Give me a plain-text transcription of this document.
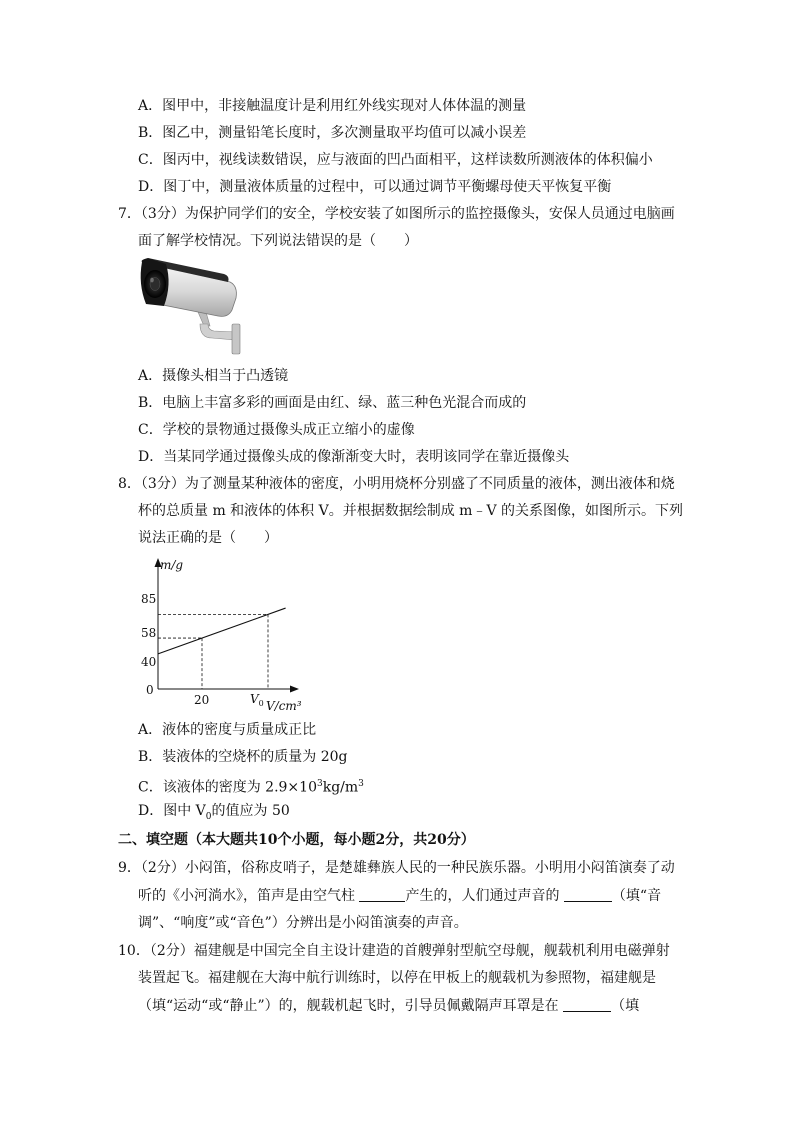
A．图甲中，非接触温度计是利用红外线实现对人体体温的测量
B．图乙中，测量铅笔长度时，多次测量取平均值可以减小误差
C．图丙中，视线读数错误，应与液面的凹凸面相平，这样读数所测液体的体积偏小
D．图丁中，测量液体质量的过程中，可以通过调节平衡螺母使天平恢复平衡
7．（3分）为保护同学们的安全，学校安装了如图所示的监控摄像头，安保人员通过电脑画
面了解学校情况。下列说法错误的是（　　）
A．摄像头相当于凸透镜
B．电脑上丰富多彩的画面是由红、绿、蓝三种色光混合而成的
C．学校的景物通过摄像头成正立缩小的虚像
D．当某同学通过摄像头成的像渐渐变大时，表明该同学在靠近摄像头
8．（3分）为了测量某种液体的密度，小明用烧杯分别盛了不同质量的液体，测出液体和烧
杯的总质量 m 和液体的体积 V。并根据数据绘制成 m﹣V 的关系图像，如图所示。下列
说法正确的是（　　）
m/g
V/cm³
0
40
58
85
20	$V_0$
A．液体的密度与质量成正比
B．装液体的空烧杯的质量为 20g
C．该液体的密度为 $2.9\times 10^3kg/m^3$
D．图中 $V_0$的值应为 50
二、填空题（本大题共10个小题，每小题2分，共20分）
9．（2分）小闷笛，俗称皮哨子，是楚雄彝族人民的一种民族乐器。小明用小闷笛演奏了动
听的《小河淌水》，笛声是由空气柱	产生的，人们通过声音的	（填“音
调”、“响度”或“音色”）分辨出是小闷笛演奏的声音。
10．（2分）福建舰是中国完全自主设计建造的首艘弹射型航空母舰，舰载机利用电磁弹射
装置起飞。福建舰在大海中航行训练时，以停在甲板上的舰载机为参照物，福建舰是
（填“运动“或“静止”）的，舰载机起飞时，引导员佩戴隔声耳罩是在	（填
